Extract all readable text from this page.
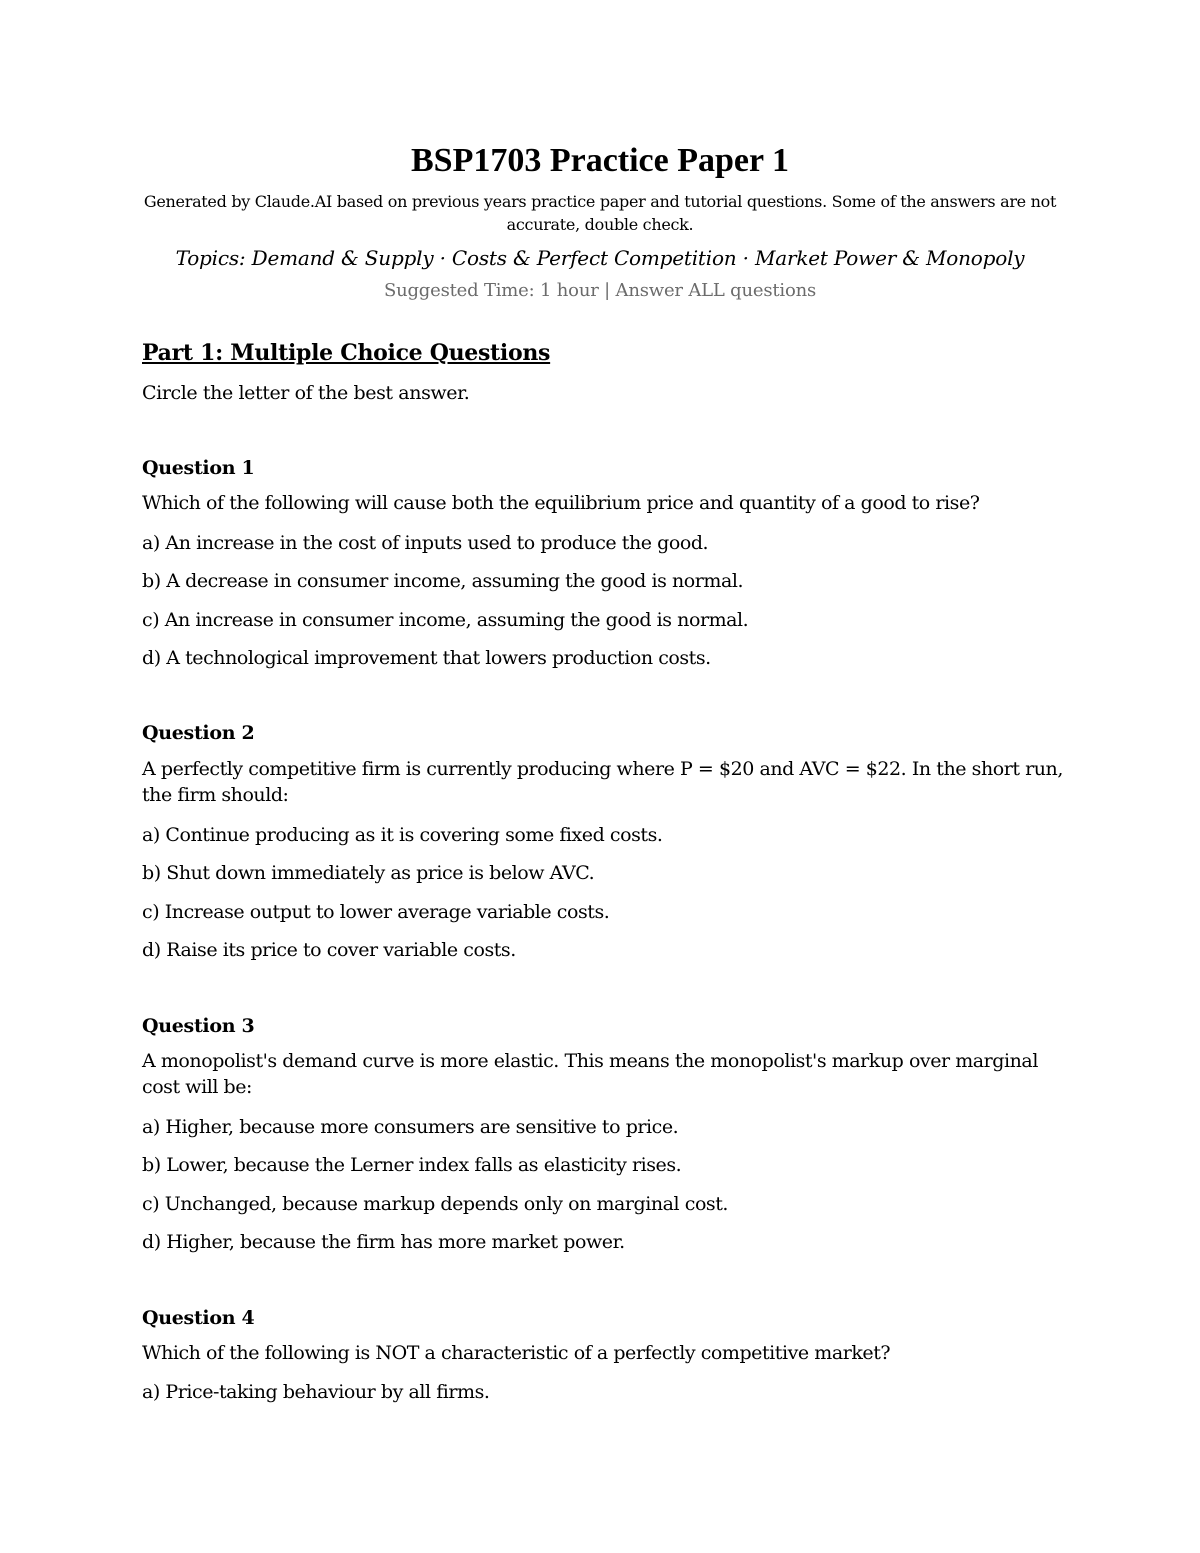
BSP1703 Practice Paper 1

Generated by Claude.AI based on previous years practice paper and tutorial questions. Some of the answers are not accurate, double check.

Topics: Demand & Supply · Costs & Perfect Competition · Market Power & Monopoly

Suggested Time: 1 hour | Answer ALL questions

Part 1: Multiple Choice Questions

Circle the letter of the best answer.

Question 1

Which of the following will cause both the equilibrium price and quantity of a good to rise?

a) An increase in the cost of inputs used to produce the good.

b) A decrease in consumer income, assuming the good is normal.

c) An increase in consumer income, assuming the good is normal.

d) A technological improvement that lowers production costs.

Question 2

A perfectly competitive firm is currently producing where P = $20 and AVC = $22. In the short run, the firm should:

a) Continue producing as it is covering some fixed costs.

b) Shut down immediately as price is below AVC.

c) Increase output to lower average variable costs.

d) Raise its price to cover variable costs.

Question 3

A monopolist's demand curve is more elastic. This means the monopolist's markup over marginal cost will be:

a) Higher, because more consumers are sensitive to price.

b) Lower, because the Lerner index falls as elasticity rises.

c) Unchanged, because markup depends only on marginal cost.

d) Higher, because the firm has more market power.

Question 4

Which of the following is NOT a characteristic of a perfectly competitive market?

a) Price-taking behaviour by all firms.
